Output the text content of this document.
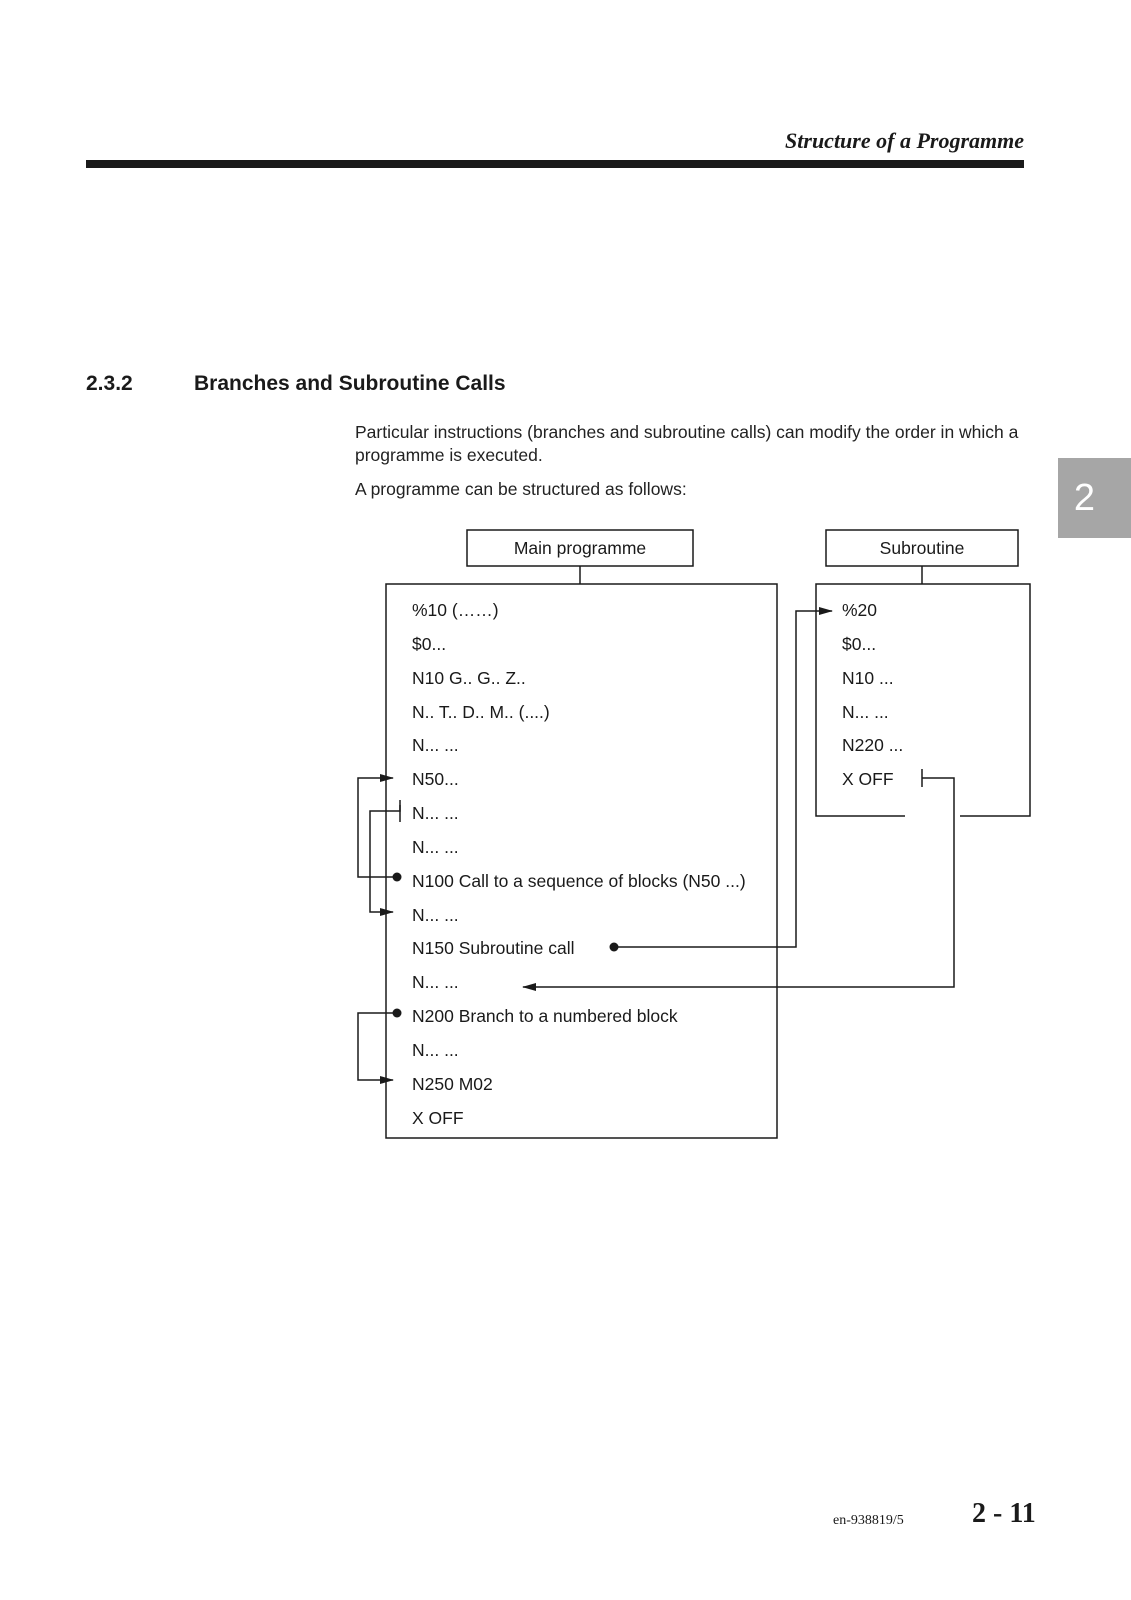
Structure of a Programme
2
2.3.2	Branches and Subroutine Calls
Particular instructions (branches and subroutine calls) can modify the order in which a programme is executed.
A programme can be structured as follows:
Main programme	Subroutine
%10 (……)
$0...
N10 G.. G.. Z..
N.. T.. D.. M.. (....)
N... ...
N50...
N... ...
N... ...
N100 Call to a sequence of blocks (N50 ...)
N... ...
N150 Subroutine call
N... ...
N200 Branch to a numbered block
N... ...
N250 M02
X OFF
%20
$0...
N10 ...
N... ...
N220 ...
X OFF
en-938819/5 2 - 11
